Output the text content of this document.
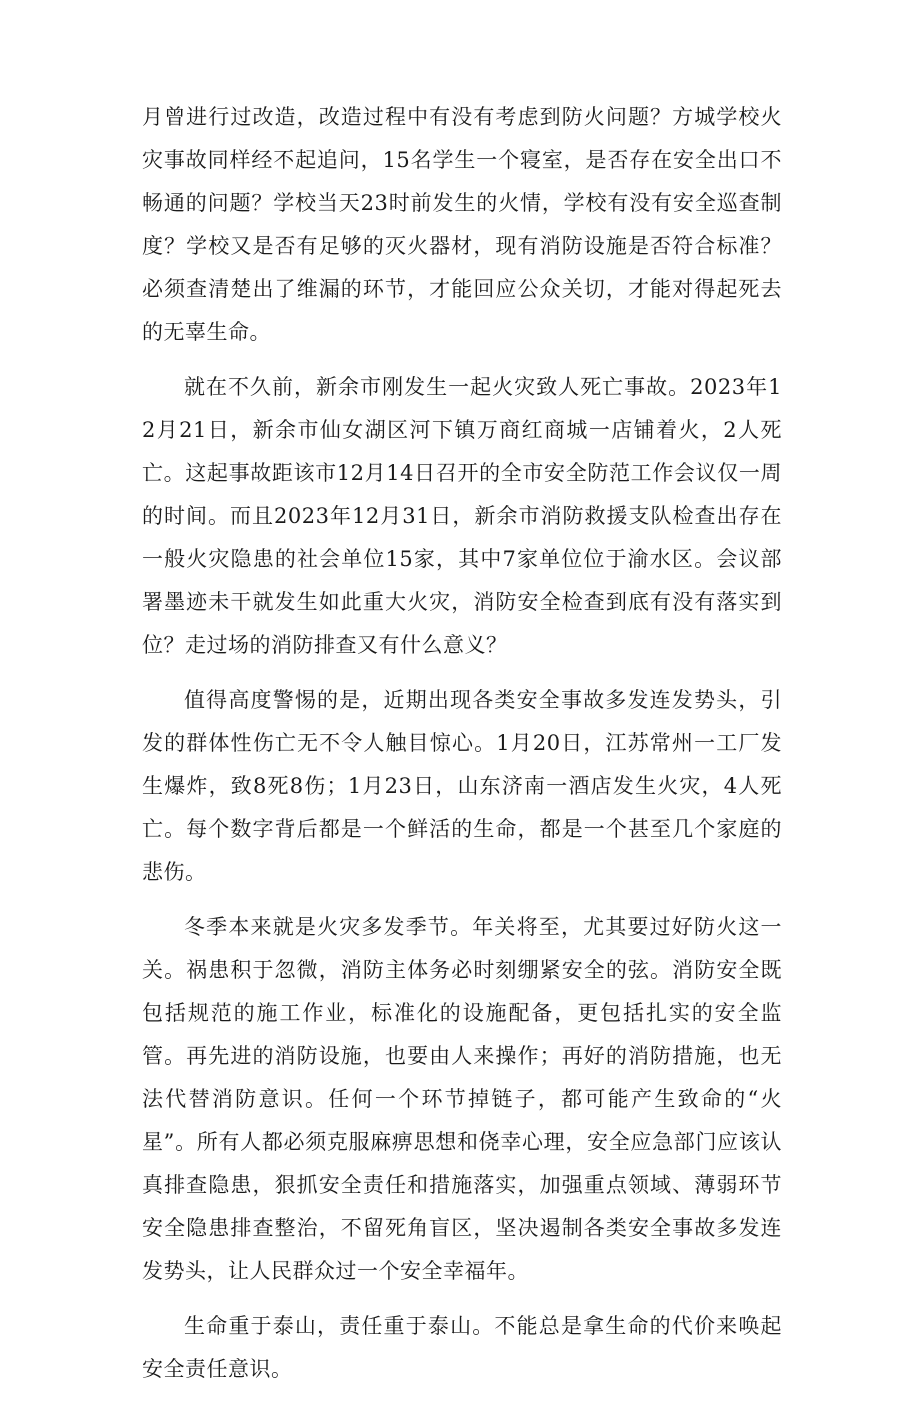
月曾进行过改造，改造过程中有没有考虑到防火问题？方城学校火灾事故同样经不起追问，15名学生一个寝室，是否存在安全出口不畅通的问题？学校当天23时前发生的火情，学校有没有安全巡查制度？学校又是否有足够的灭火器材，现有消防设施是否符合标准？必须查清楚出了维漏的环节，才能回应公众关切，才能对得起死去的无辜生命。

就在不久前，新余市刚发生一起火灾致人死亡事故。2023年12月21日，新余市仙女湖区河下镇万商红商城一店铺着火，2人死亡。这起事故距该市12月14日召开的全市安全防范工作会议仅一周的时间。而且2023年12月31日，新余市消防救援支队检查出存在一般火灾隐患的社会单位15家，其中7家单位位于渝水区。会议部署墨迹未干就发生如此重大火灾，消防安全检查到底有没有落实到位？走过场的消防排查又有什么意义？

值得高度警惕的是，近期出现各类安全事故多发连发势头，引发的群体性伤亡无不令人触目惊心。1月20日，江苏常州一工厂发生爆炸，致8死8伤；1月23日，山东济南一酒店发生火灾，4人死亡。每个数字背后都是一个鲜活的生命，都是一个甚至几个家庭的悲伤。

冬季本来就是火灾多发季节。年关将至，尤其要过好防火这一关。祸患积于忽微，消防主体务必时刻绷紧安全的弦。消防安全既包括规范的施工作业，标准化的设施配备，更包括扎实的安全监管。再先进的消防设施，也要由人来操作；再好的消防措施，也无法代替消防意识。任何一个环节掉链子，都可能产生致命的“火星”。所有人都必须克服麻痹思想和侥幸心理，安全应急部门应该认真排查隐患，狠抓安全责任和措施落实，加强重点领域、薄弱环节安全隐患排查整治，不留死角盲区，坚决遏制各类安全事故多发连发势头，让人民群众过一个安全幸福年。

生命重于泰山，责任重于泰山。不能总是拿生命的代价来唤起安全责任意识。
